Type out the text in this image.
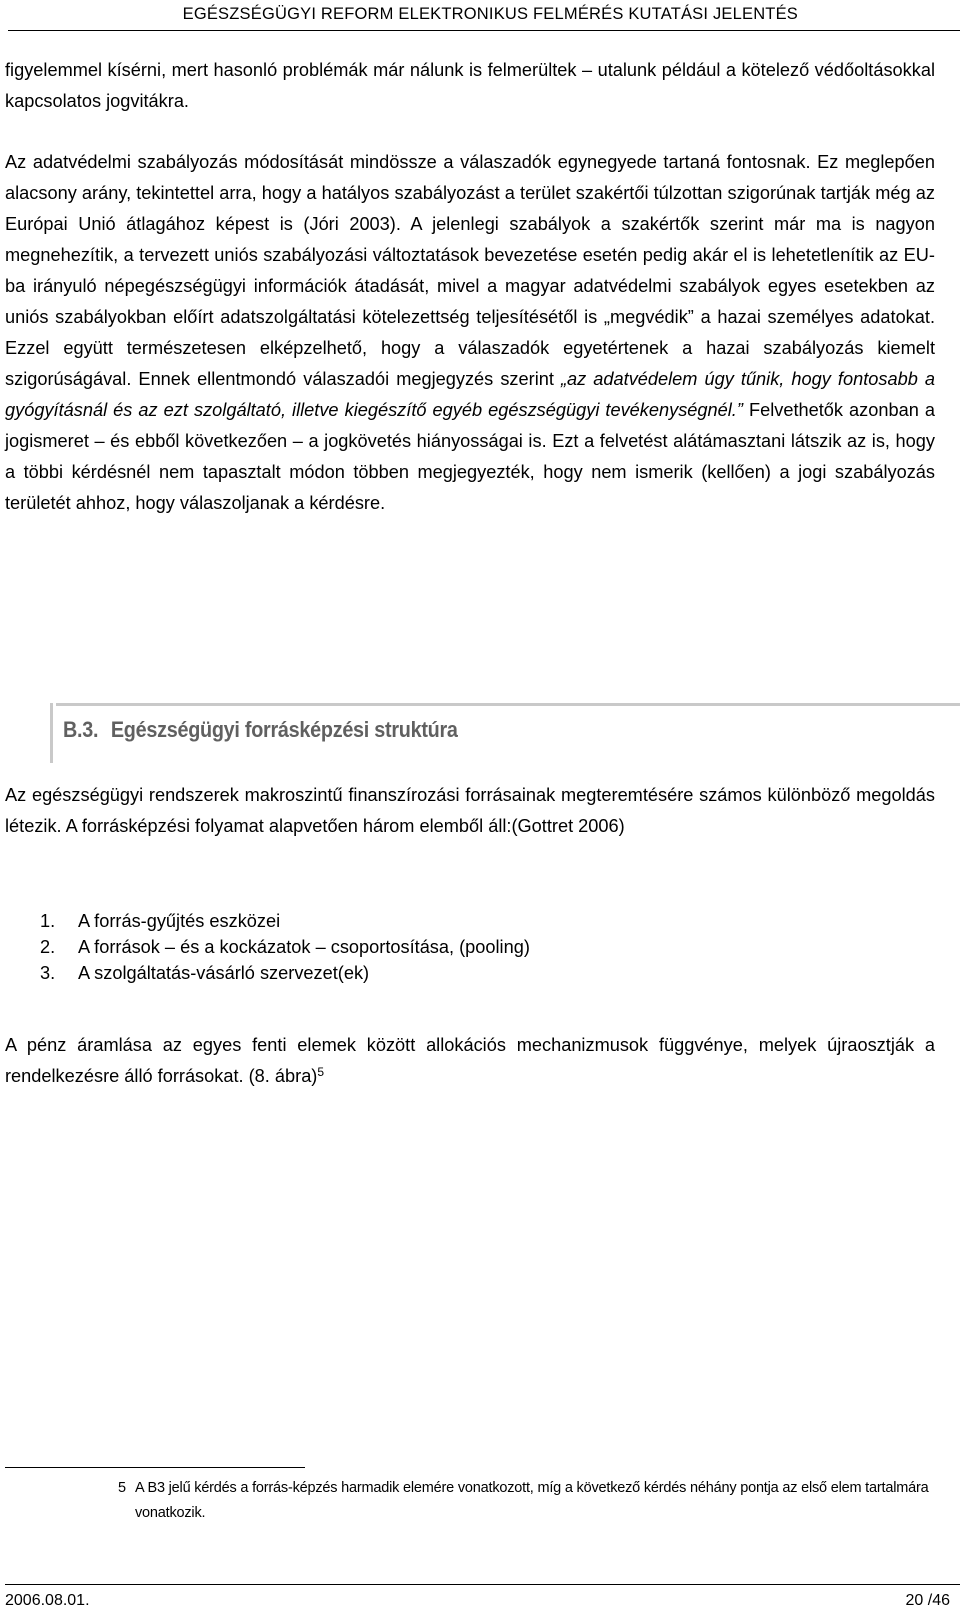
EGÉSZSÉGÜGYI REFORM ELEKTRONIKUS FELMÉRÉS KUTATÁSI JELENTÉS

figyelemmel kísérni, mert hasonló problémák már nálunk is felmerültek – utalunk például a kötelező védőoltásokkal kapcsolatos jogvitákra.

Az adatvédelmi szabályozás módosítását mindössze a válaszadók egynegyede tartaná fontosnak. Ez meglepően alacsony arány, tekintettel arra, hogy a hatályos szabályozást a terület szakértői túlzottan szigorúnak tartják még az Európai Unió átlagához képest is (Jóri 2003). A jelenlegi szabályok a szakértők szerint már ma is nagyon megnehezítik, a tervezett uniós szabályozási változtatások bevezetése esetén pedig akár el is lehetetlenítik az EU-ba irányuló népegészségügyi információk átadását, mivel a magyar adatvédelmi szabályok egyes esetekben az uniós szabályokban előírt adatszolgáltatási kötelezettség teljesítésétől is „megvédik” a hazai személyes adatokat. Ezzel együtt természetesen elképzelhető, hogy a válaszadók egyetértenek a hazai szabályozás kiemelt szigorúságával. Ennek ellentmondó válaszadói megjegyzés szerint „az adatvédelem úgy tűnik, hogy fontosabb a gyógyításnál és az ezt szolgáltató, illetve kiegészítő egyéb egészségügyi tevékenységnél.” Felvethetők azonban a jogismeret – és ebből következően – a jogkövetés hiányosságai is. Ezt a felvetést alátámasztani látszik az is, hogy a többi kérdésnél nem tapasztalt módon többen megjegyezték, hogy nem ismerik (kellően) a jogi szabályozás területét ahhoz, hogy válaszoljanak a kérdésre.

B.3. Egészségügyi forrásképzési struktúra

Az egészségügyi rendszerek makroszintű finanszírozási forrásainak megteremtésére számos különböző megoldás létezik. A forrásképzési folyamat alapvetően három elemből áll:(Gottret 2006)

1.	A forrás-gyűjtés eszközei
2.	A források – és a kockázatok – csoportosítása, (pooling)
3.	A szolgáltatás-vásárló szervezet(ek)

A pénz áramlása az egyes fenti elemek között allokációs mechanizmusok függvénye, melyek újraosztják a rendelkezésre álló forrásokat. (8. ábra)$^5$

5 A B3 jelű kérdés a forrás-képzés harmadik elemére vonatkozott, míg a következő kérdés néhány pontja az első elem tartalmára vonatkozik.
2006.08.01.	20 /46
